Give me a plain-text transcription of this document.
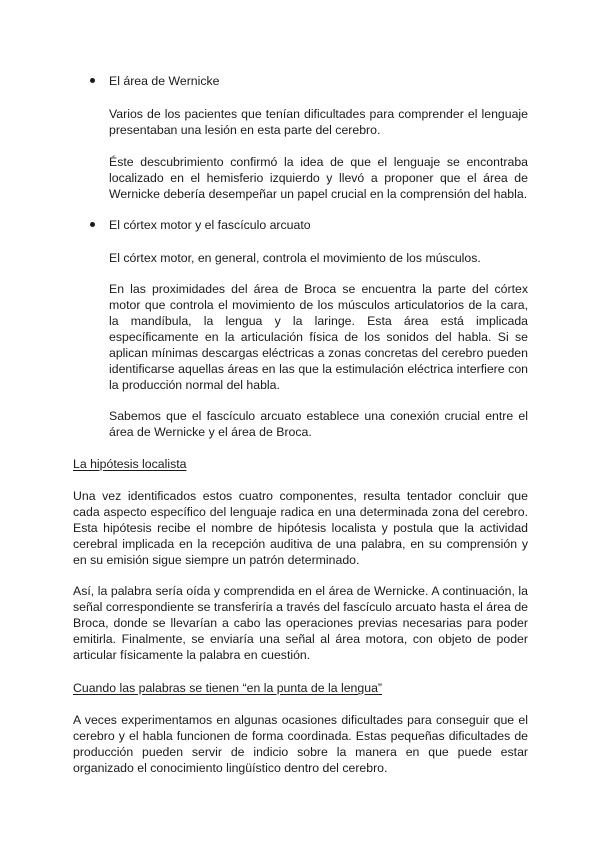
El área de Wernicke

Varios de los pacientes que tenían dificultades para comprender el lenguaje presentaban una lesión en esta parte del cerebro.

Éste descubrimiento confirmó la idea de que el lenguaje se encontraba localizado en el hemisferio izquierdo y llevó a proponer que el área de Wernicke debería desempeñar un papel crucial en la comprensión del habla.

El córtex motor y el fascículo arcuato

El córtex motor, en general, controla el movimiento de los músculos.

En las proximidades del área de Broca se encuentra la parte del córtex motor que controla el movimiento de los músculos articulatorios de la cara, la mandíbula, la lengua y la laringe. Esta área está implicada específicamente en la articulación física de los sonidos del habla. Si se aplican mínimas descargas eléctricas a zonas concretas del cerebro pueden identificarse aquellas áreas en las que la estimulación eléctrica interfiere con la producción normal del habla.

Sabemos que el fascículo arcuato establece una conexión crucial entre el área de Wernicke y el área de Broca.

La hipótesis localista

Una vez identificados estos cuatro componentes, resulta tentador concluir que cada aspecto específico del lenguaje radica en una determinada zona del cerebro. Esta hipótesis recibe el nombre de hipótesis localista y postula que la actividad cerebral implicada en la recepción auditiva de una palabra, en su comprensión y en su emisión sigue siempre un patrón determinado.

Así, la palabra sería oída y comprendida en el área de Wernicke. A continuación, la señal correspondiente se transferiría a través del fascículo arcuato hasta el área de Broca, donde se llevarían a cabo las operaciones previas necesarias para poder emitirla. Finalmente, se enviaría una señal al área motora, con objeto de poder articular físicamente la palabra en cuestión.

Cuando las palabras se tienen “en la punta de la lengua”

A veces experimentamos en algunas ocasiones dificultades para conseguir que el cerebro y el habla funcionen de forma coordinada. Estas pequeñas dificultades de producción pueden servir de indicio sobre la manera en que puede estar organizado el conocimiento lingüístico dentro del cerebro.
